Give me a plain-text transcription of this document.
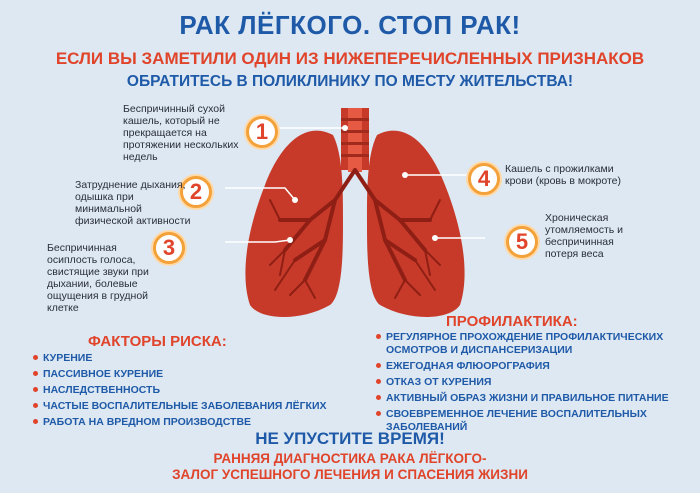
РАК ЛЁГКОГО. СТОП РАК!
ЕСЛИ ВЫ ЗАМЕТИЛИ ОДИН ИЗ НИЖЕПЕРЕЧИСЛЕННЫХ ПРИЗНАКОВ
ОБРАТИТЕСЬ В ПОЛИКЛИНИКУ ПО МЕСТУ ЖИТЕЛЬСТВА!
1
2
3
4
5
Беспричинный сухой кашель, который не прекращается на протяжении нескольких недель
Затруднение дыхания, одышка при минимальной физической активности
Беспричинная осиплость голоса, свистящие звуки при дыхании, болевые ощущения в грудной клетке
Кашель с прожилками крови (кровь в мокроте)
Хроническая утомляемость и беспричинная потеря веса
ФАКТОРЫ РИСКА:
КУРЕНИЕ
ПАССИВНОЕ КУРЕНИЕ
НАСЛЕДСТВЕННОСТЬ
ЧАСТЫЕ ВОСПАЛИТЕЛЬНЫЕ ЗАБОЛЕВАНИЯ ЛЁГКИХ
РАБОТА НА ВРЕДНОМ ПРОИЗВОДСТВЕ
ПРОФИЛАКТИКА:
РЕГУЛЯРНОЕ ПРОХОЖДЕНИЕ ПРОФИЛАКТИЧЕСКИХ ОСМОТРОВ И ДИСПАНСЕРИЗАЦИИ
ЕЖЕГОДНАЯ ФЛЮОРОГРАФИЯ
ОТКАЗ ОТ КУРЕНИЯ
АКТИВНЫЙ ОБРАЗ ЖИЗНИ И ПРАВИЛЬНОЕ ПИТАНИЕ
СВОЕВРЕМЕННОЕ ЛЕЧЕНИЕ ВОСПАЛИТЕЛЬНЫХ ЗАБОЛЕВАНИЙ
НЕ УПУСТИТЕ ВРЕМЯ!
РАННЯЯ ДИАГНОСТИКА РАКА ЛЁГКОГО-
ЗАЛОГ УСПЕШНОГО ЛЕЧЕНИЯ И СПАСЕНИЯ ЖИЗНИ
